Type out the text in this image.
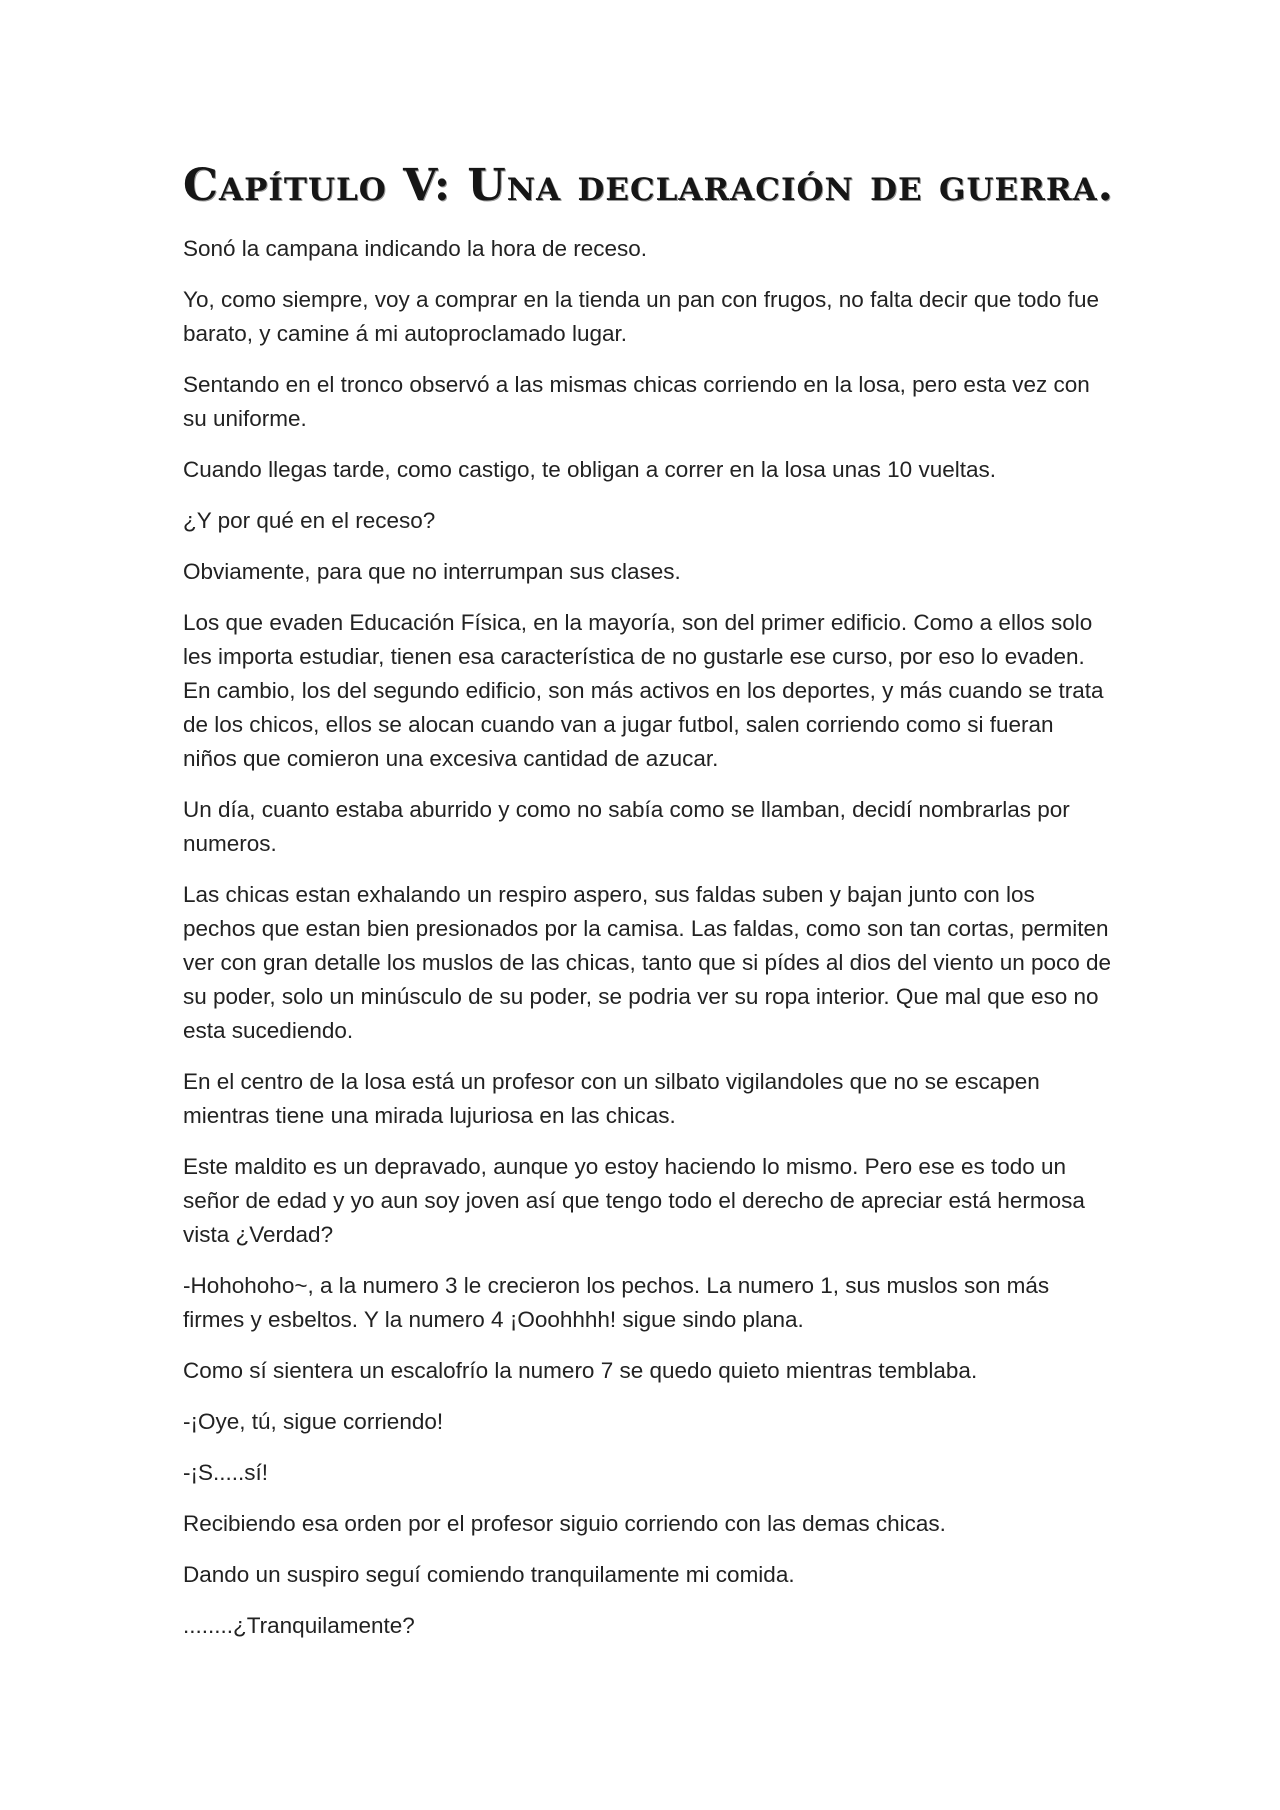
Capítulo V: Una declaración de guerra.

Sonó la campana indicando la hora de receso.

Yo, como siempre, voy a comprar en la tienda un pan con frugos, no falta decir que todo fue barato, y camine á mi autoproclamado lugar.

Sentando en el tronco observó a las mismas chicas corriendo en la losa, pero esta vez con su uniforme.

Cuando llegas tarde, como castigo, te obligan a correr en la losa unas 10 vueltas.

¿Y por qué en el receso?

Obviamente, para que no interrumpan sus clases.

Los que evaden Educación Física, en la mayoría, son del primer edificio. Como a ellos solo les importa estudiar, tienen esa característica de no gustarle ese curso, por eso lo evaden. En cambio, los del segundo edificio, son más activos en los deportes, y más cuando se trata de los chicos, ellos se alocan cuando van a jugar futbol, salen corriendo como si fueran niños que comieron una excesiva cantidad de azucar.

Un día, cuanto estaba aburrido y como no sabía como se llamban, decidí nombrarlas por numeros.

Las chicas estan exhalando un respiro aspero, sus faldas suben y bajan junto con los pechos que estan bien presionados por la camisa. Las faldas, como son tan cortas, permiten ver con gran detalle los muslos de las chicas, tanto que si pídes al dios del viento un poco de su poder, solo un minúsculo de su poder, se podria ver su ropa interior. Que mal que eso no esta sucediendo.

En el centro de la losa está un profesor con un silbato vigilandoles que no se escapen mientras tiene una mirada lujuriosa en las chicas.

Este maldito es un depravado, aunque yo estoy haciendo lo mismo. Pero ese es todo un señor de edad y yo aun soy joven así que tengo todo el derecho de apreciar está hermosa vista ¿Verdad?

-Hohohoho~, a la numero 3 le crecieron los pechos. La numero 1, sus muslos son más firmes y esbeltos. Y la numero 4 ¡Ooohhhh! sigue sindo plana.

Como sí sientera un escalofrío la numero 7 se quedo quieto mientras temblaba.

-¡Oye, tú, sigue corriendo!

-¡S.....sí!

Recibiendo esa orden por el profesor siguio corriendo con las demas chicas.

Dando un suspiro seguí comiendo tranquilamente mi comida.

........¿Tranquilamente?
